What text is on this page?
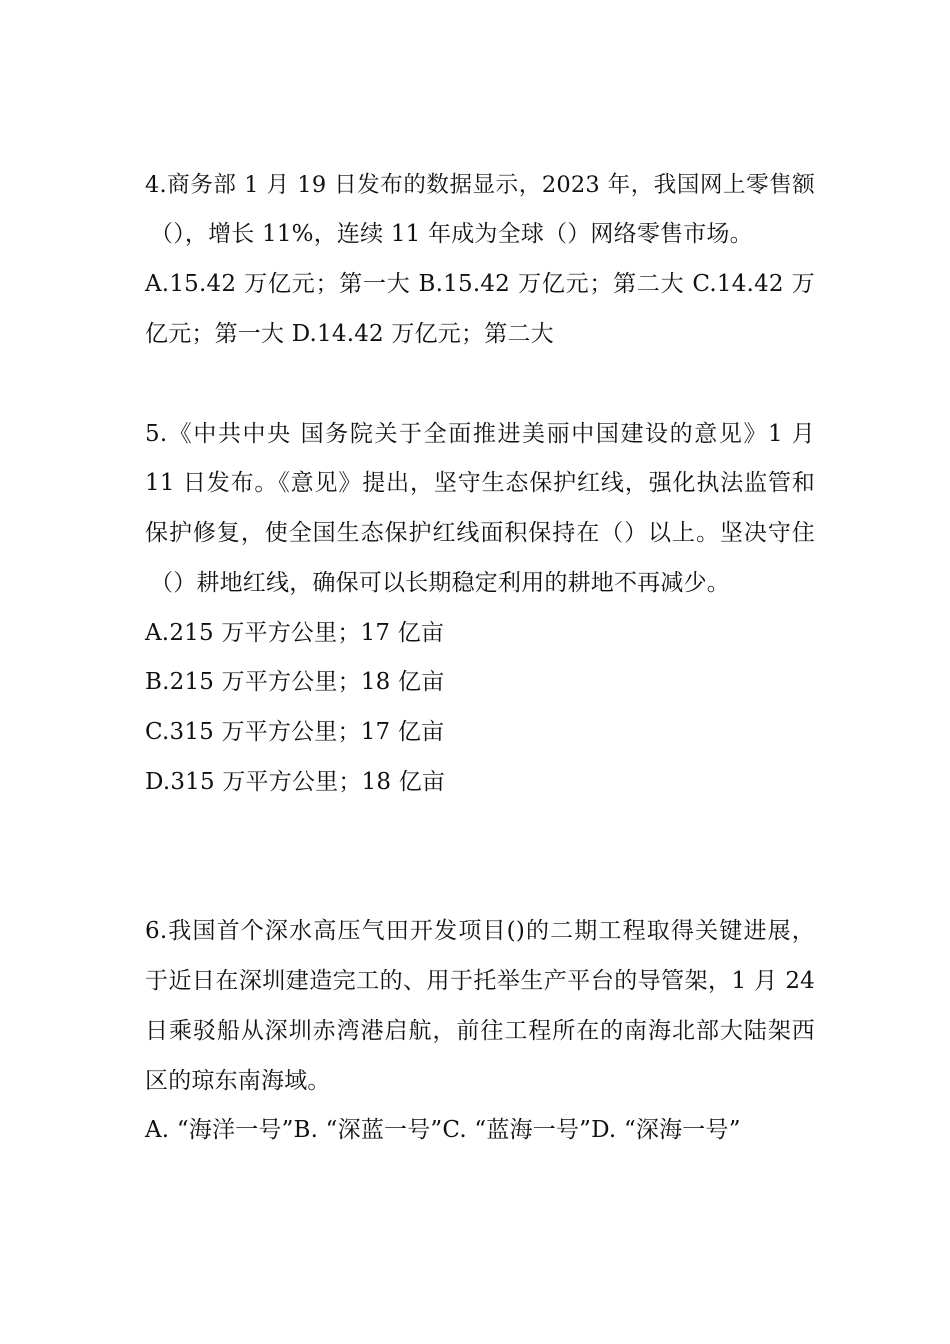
4.商务部 1 月 19 日发布的数据显示，2023 年，我国网上零售额
（），增长 11%，连续 11 年成为全球（）网络零售市场。
A.15.42 万亿元；第一大 B.15.42 万亿元；第二大 C.14.42 万
亿元；第一大 D.14.42 万亿元；第二大
5.《中共中央 国务院关于全面推进美丽中国建设的意见》1 月
11 日发布。《意见》提出，坚守生态保护红线，强化执法监管和
保护修复，使全国生态保护红线面积保持在（）以上。坚决守住
（）耕地红线，确保可以长期稳定利用的耕地不再减少。
A.215 万平方公里；17 亿亩
B.215 万平方公里；18 亿亩
C.315 万平方公里；17 亿亩
D.315 万平方公里；18 亿亩
6.我国首个深水高压气田开发项目()的二期工程取得关键进展，
于近日在深圳建造完工的、用于托举生产平台的导管架，1 月 24
日乘驳船从深圳赤湾港启航，前往工程所在的南海北部大陆架西
区的琼东南海域。
A. “海洋一号”B. “深蓝一号”C. “蓝海一号”D. “深海一号”
